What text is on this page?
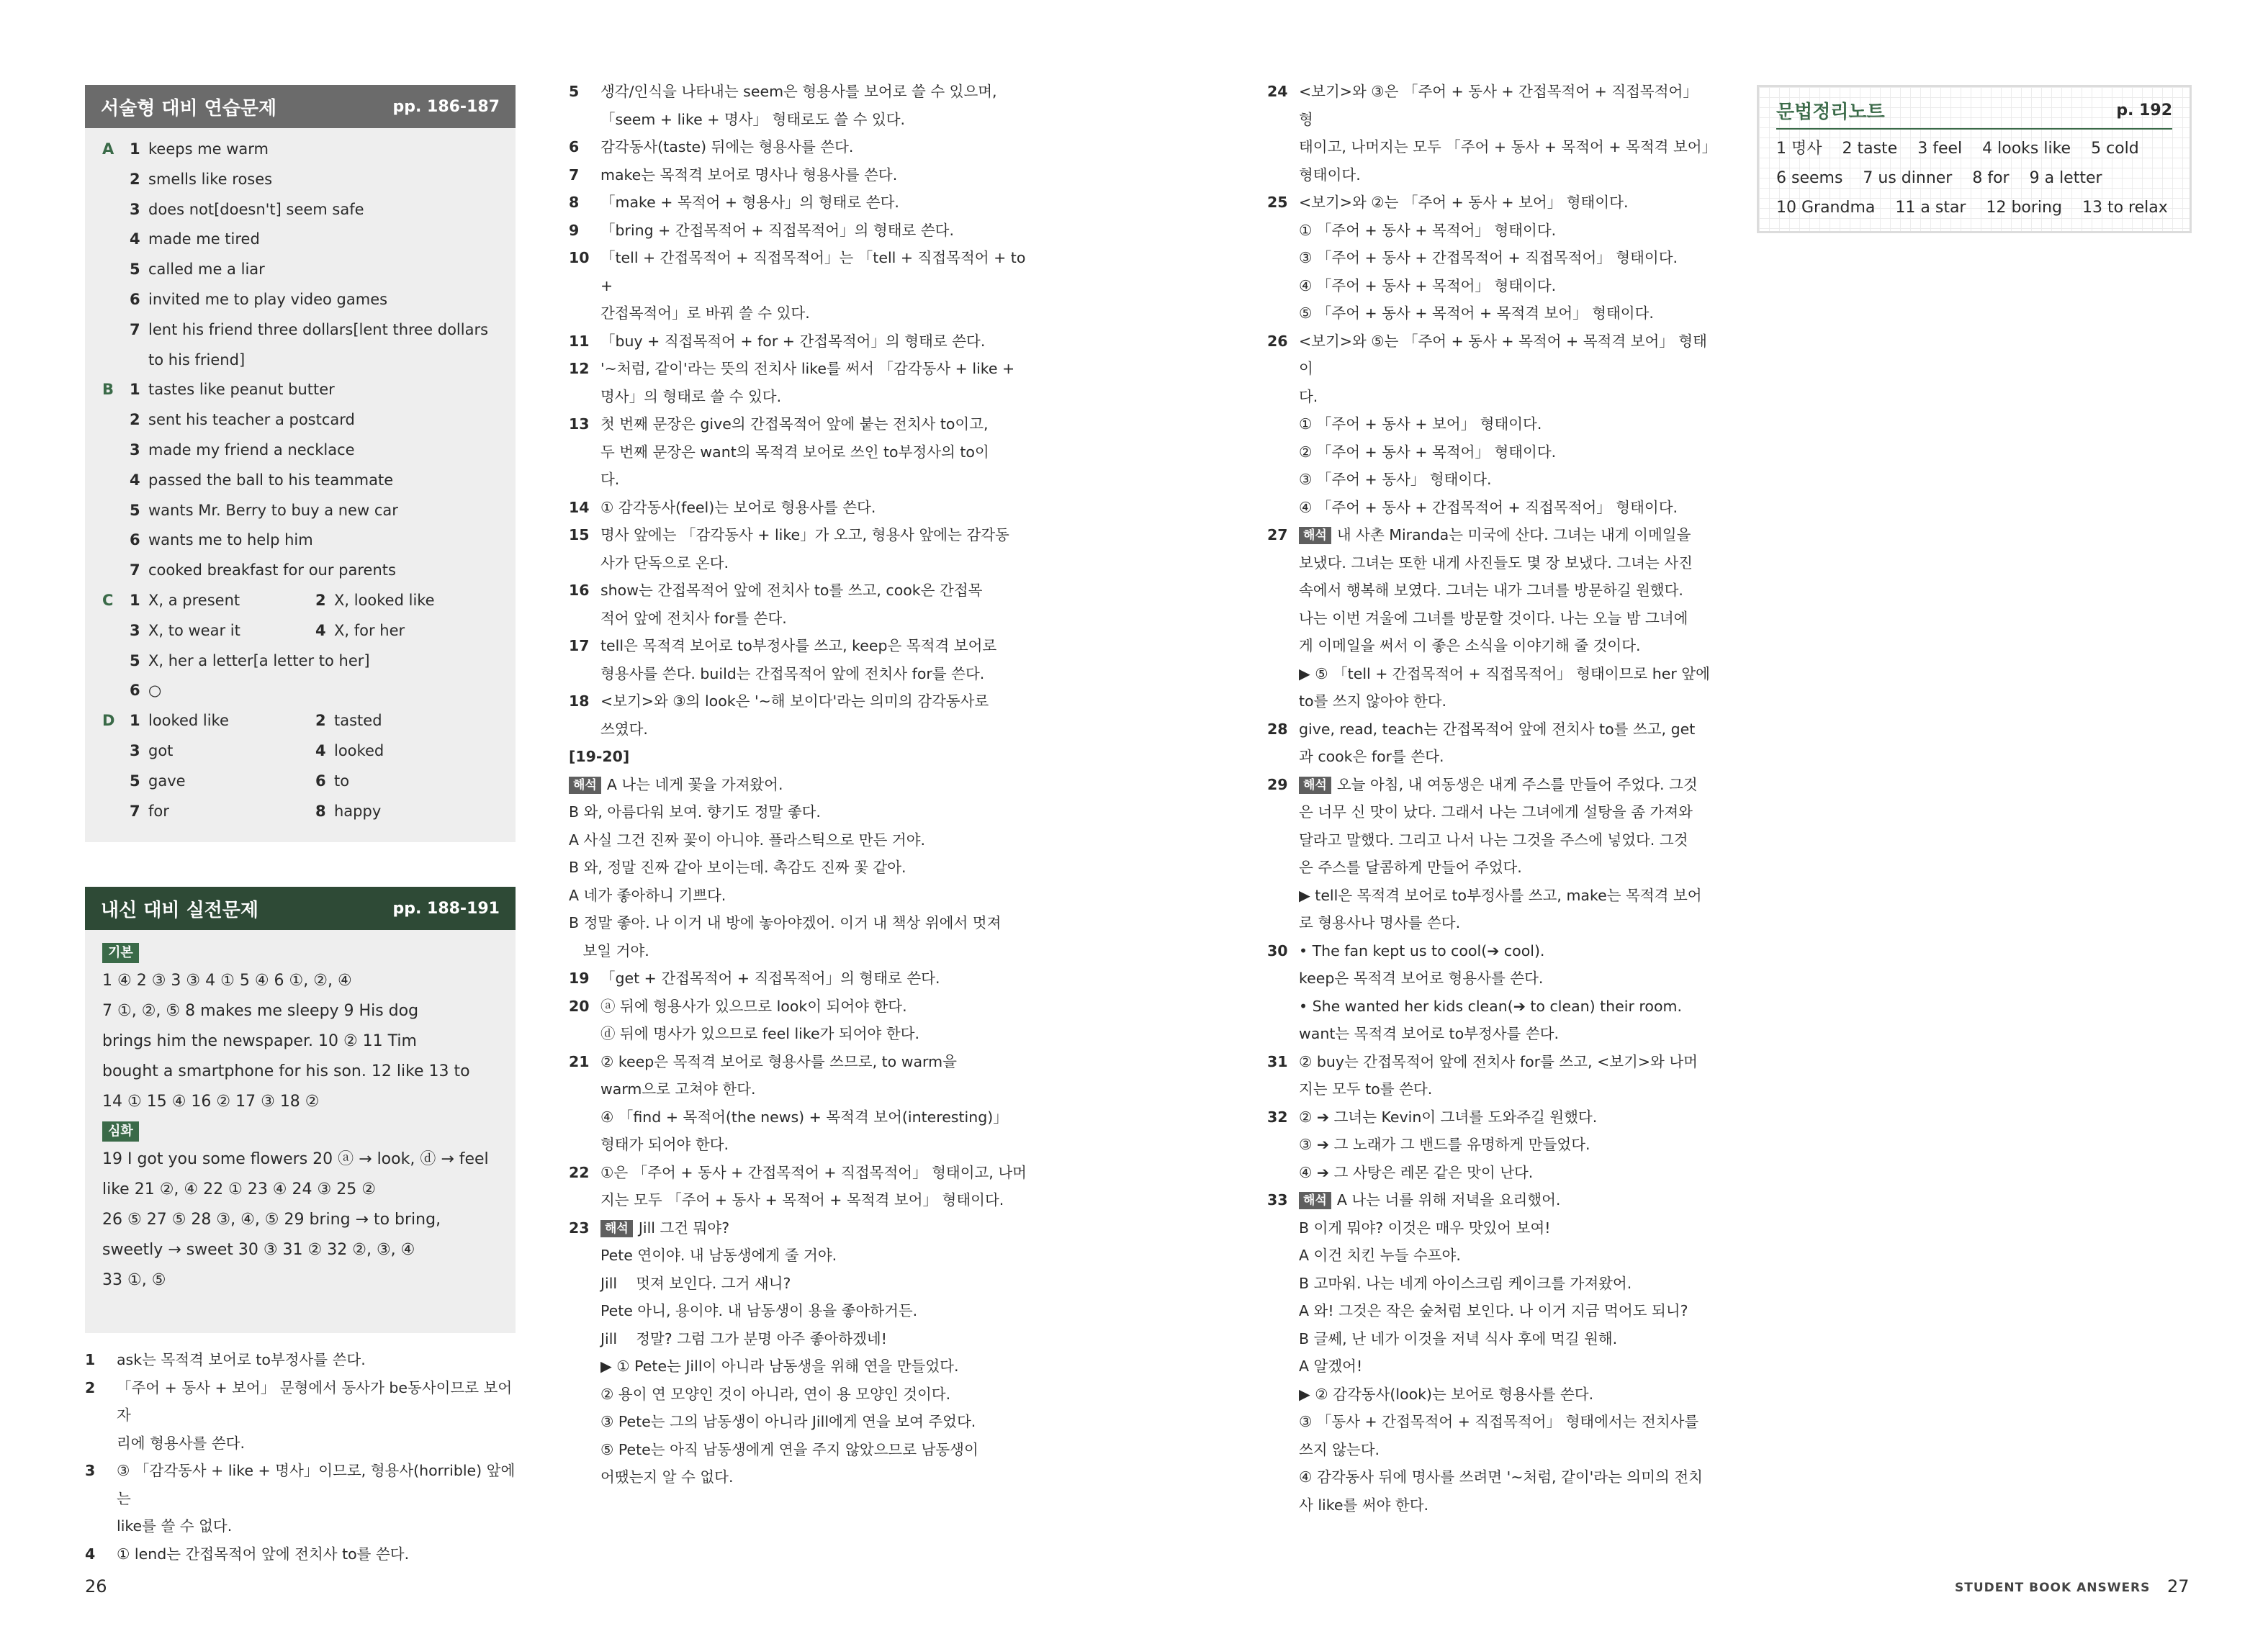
서술형 대비 연습문제	pp. 186-187
A 1 keeps me warm
2 smells like roses
3 does not[doesn't] seem safe
4 made me tired
5 called me a liar
6 invited me to play video games
7 lent his friend three dollars[lent three dollars
to his friend]
B 1 tastes like peanut butter
2 sent his teacher a postcard
3 made my friend a necklace
4 passed the ball to his teammate
5 wants Mr. Berry to buy a new car
6 wants me to help him
7 cooked breakfast for our parents
C 1 X, a present	2 X, looked like
3 X, to wear it	4 X, for her
5 X, her a letter[a letter to her]
6 ○
D 1 looked like	2 tasted
3 got	4 looked
5 gave	6 to
7 for	8 happy
내신 대비 실전문제	pp. 188-191
기본
1 ④ 2 ③ 3 ③ 4 ① 5 ④ 6 ①, ②, ④
7 ①, ②, ⑤ 8 makes me sleepy 9 His dog
brings him the newspaper. 10 ② 11 Tim
bought a smartphone for his son. 12 like 13 to
14 ① 15 ④ 16 ② 17 ③ 18 ②
심화
19 I got you some flowers 20 ⓐ → look, ⓓ → feel
like 21 ②, ④ 22 ① 23 ④ 24 ③ 25 ②
26 ⑤ 27 ⑤ 28 ③, ④, ⑤ 29 bring → to bring,
sweetly → sweet 30 ③ 31 ② 32 ②, ③, ④
33 ①, ⑤
1 ask는 목적격 보어로 to부정사를 쓴다.
2 「주어 + 동사 + 보어」 문형에서 동사가 be동사이므로 보어 자
리에 형용사를 쓴다.
3 ③ 「감각동사 + like + 명사」이므로, 형용사(horrible) 앞에는
like를 쓸 수 없다.
4 ① lend는 간접목적어 앞에 전치사 to를 쓴다.
26
5 생각/인식을 나타내는 seem은 형용사를 보어로 쓸 수 있으며,
「seem + like + 명사」 형태로도 쓸 수 있다.
6 감각동사(taste) 뒤에는 형용사를 쓴다.
7 make는 목적격 보어로 명사나 형용사를 쓴다.
8 「make + 목적어 + 형용사」의 형태로 쓴다.
9 「bring + 간접목적어 + 직접목적어」의 형태로 쓴다.
10 「tell + 간접목적어 + 직접목적어」는 「tell + 직접목적어 + to +
간접목적어」로 바꿔 쓸 수 있다.
11 「buy + 직접목적어 + for + 간접목적어」의 형태로 쓴다.
12 '~처럼, 같이'라는 뜻의 전치사 like를 써서 「감각동사 + like +
명사」의 형태로 쓸 수 있다.
13 첫 번째 문장은 give의 간접목적어 앞에 붙는 전치사 to이고,
두 번째 문장은 want의 목적격 보어로 쓰인 to부정사의 to이
다.
14 ① 감각동사(feel)는 보어로 형용사를 쓴다.
15 명사 앞에는 「감각동사 + like」가 오고, 형용사 앞에는 감각동
사가 단독으로 온다.
16 show는 간접목적어 앞에 전치사 to를 쓰고, cook은 간접목
적어 앞에 전치사 for를 쓴다.
17 tell은 목적격 보어로 to부정사를 쓰고, keep은 목적격 보어로
형용사를 쓴다. build는 간접목적어 앞에 전치사 for를 쓴다.
18 <보기>와 ③의 look은 '~해 보이다'라는 의미의 감각동사로
쓰였다.
[19-20]
해석 A 나는 네게 꽃을 가져왔어.
B 와, 아름다워 보여. 향기도 정말 좋다.
A 사실 그건 진짜 꽃이 아니야. 플라스틱으로 만든 거야.
B 와, 정말 진짜 같아 보이는데. 촉감도 진짜 꽃 같아.
A 네가 좋아하니 기쁘다.
B 정말 좋아. 나 이거 내 방에 놓아야겠어. 이거 내 책상 위에서 멋져
보일 거야.
19 「get + 간접목적어 + 직접목적어」의 형태로 쓴다.
20 ⓐ 뒤에 형용사가 있으므로 look이 되어야 한다.
ⓓ 뒤에 명사가 있으므로 feel like가 되어야 한다.
21 ② keep은 목적격 보어로 형용사를 쓰므로, to warm을
warm으로 고쳐야 한다.
④ 「find + 목적어(the news) + 목적격 보어(interesting)」
형태가 되어야 한다.
22 ①은 「주어 + 동사 + 간접목적어 + 직접목적어」 형태이고, 나머
지는 모두 「주어 + 동사 + 목적어 + 목적격 보어」 형태이다.
23	해석 Jill 그건 뭐야?
Pete 연이야. 내 남동생에게 줄 거야.
Jill    멋져 보인다. 그거 새니?
Pete 아니, 용이야. 내 남동생이 용을 좋아하거든.
Jill    정말? 그럼 그가 분명 아주 좋아하겠네!
▶ ① Pete는 Jill이 아니라 남동생을 위해 연을 만들었다.
② 용이 연 모양인 것이 아니라, 연이 용 모양인 것이다.
③ Pete는 그의 남동생이 아니라 Jill에게 연을 보여 주었다.
⑤ Pete는 아직 남동생에게 연을 주지 않았으므로 남동생이
어땠는지 알 수 없다.
24 <보기>와 ③은 「주어 + 동사 + 간접목적어 + 직접목적어」 형
태이고, 나머지는 모두 「주어 + 동사 + 목적어 + 목적격 보어」
형태이다.
25 <보기>와 ②는 「주어 + 동사 + 보어」 형태이다.
① 「주어 + 동사 + 목적어」 형태이다.
③ 「주어 + 동사 + 간접목적어 + 직접목적어」 형태이다.
④ 「주어 + 동사 + 목적어」 형태이다.
⑤ 「주어 + 동사 + 목적어 + 목적격 보어」 형태이다.
26 <보기>와 ⑤는 「주어 + 동사 + 목적어 + 목적격 보어」 형태이
다.
① 「주어 + 동사 + 보어」 형태이다.
② 「주어 + 동사 + 목적어」 형태이다.
③ 「주어 + 동사」 형태이다.
④ 「주어 + 동사 + 간접목적어 + 직접목적어」 형태이다.
27	해석 내 사촌 Miranda는 미국에 산다. 그녀는 내게 이메일을
보냈다. 그녀는 또한 내게 사진들도 몇 장 보냈다. 그녀는 사진
속에서 행복해 보였다. 그녀는 내가 그녀를 방문하길 원했다.
나는 이번 겨울에 그녀를 방문할 것이다. 나는 오늘 밤 그녀에
게 이메일을 써서 이 좋은 소식을 이야기해 줄 것이다.
▶ ⑤ 「tell + 간접목적어 + 직접목적어」 형태이므로 her 앞에
to를 쓰지 않아야 한다.
28 give, read, teach는 간접목적어 앞에 전치사 to를 쓰고, get
과 cook은 for를 쓴다.
29	해석 오늘 아침, 내 여동생은 내게 주스를 만들어 주었다. 그것
은 너무 신 맛이 났다. 그래서 나는 그녀에게 설탕을 좀 가져와
달라고 말했다. 그리고 나서 나는 그것을 주스에 넣었다. 그것
은 주스를 달콤하게 만들어 주었다.
▶ tell은 목적격 보어로 to부정사를 쓰고, make는 목적격 보어
로 형용사나 명사를 쓴다.
30 • The fan kept us to cool(➔ cool).
keep은 목적격 보어로 형용사를 쓴다.
• She wanted her kids clean(➔ to clean) their room.
want는 목적격 보어로 to부정사를 쓴다.
31 ② buy는 간접목적어 앞에 전치사 for를 쓰고, <보기>와 나머
지는 모두 to를 쓴다.
32 ② ➔ 그녀는 Kevin이 그녀를 도와주길 원했다.
③ ➔ 그 노래가 그 밴드를 유명하게 만들었다.
④ ➔ 그 사탕은 레몬 같은 맛이 난다.
33	해석 A 나는 너를 위해 저녁을 요리했어.
B 이게 뭐야? 이것은 매우 맛있어 보여!
A 이건 치킨 누들 수프야.
B 고마워. 나는 네게 아이스크림 케이크를 가져왔어.
A 와! 그것은 작은 숲처럼 보인다. 나 이거 지금 먹어도 되니?
B 글쎄, 난 네가 이것을 저녁 식사 후에 먹길 원해.
A 알겠어!
▶ ② 감각동사(look)는 보어로 형용사를 쓴다.
③ 「동사 + 간접목적어 + 직접목적어」 형태에서는 전치사를
쓰지 않는다.
④ 감각동사 뒤에 명사를 쓰려면 '~처럼, 같이'라는 의미의 전치
사 like를 써야 한다.
문법정리노트	p. 192
1 명사 2 taste 3 feel 4 looks like 5 cold
6 seems 7 us dinner 8 for 9 a letter
10 Grandma 11 a star 12 boring 13 to relax
STUDENT BOOK ANSWERS 27
